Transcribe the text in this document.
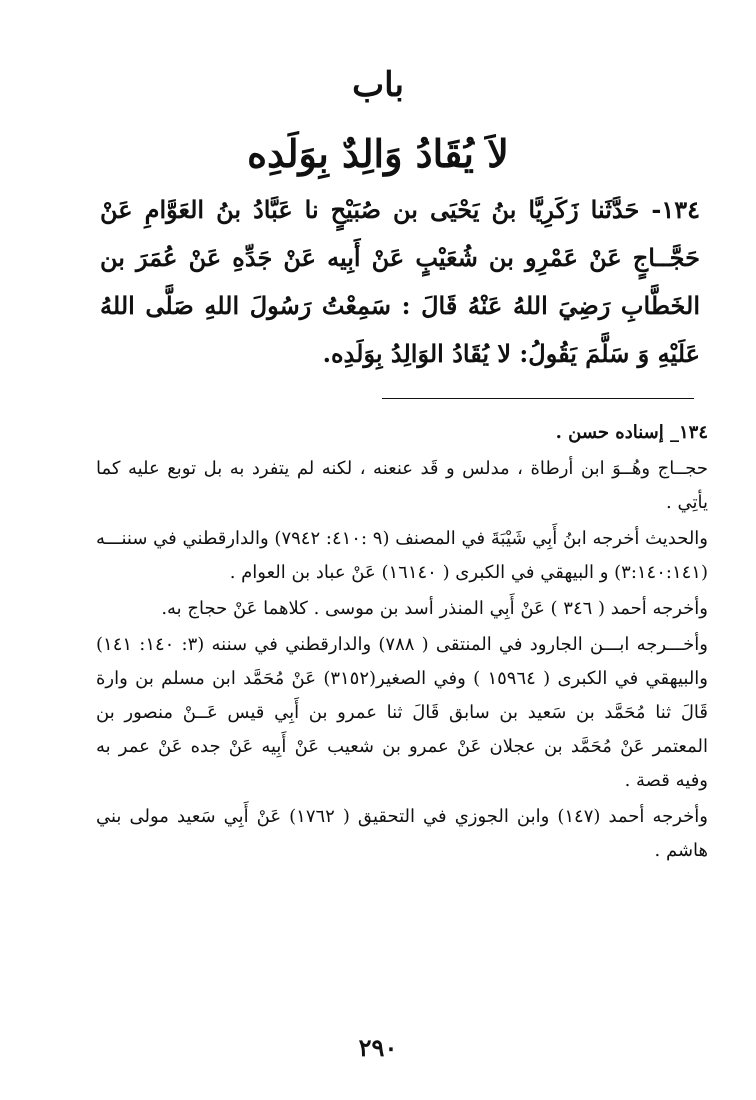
باب
لاَ يُقَادُ وَالِدٌ بِوَلَدِه

١٣٤- حَدَّثَنا زَكَرِيَّا بنُ يَحْيَى بن صُبَيْحٍ نا عَبَّادُ بنُ العَوَّامِ عَنْ حَجَّــاجٍ عَنْ عَمْرِو بن شُعَيْبٍ عَنْ أَبِيه عَنْ جَدِّهِ عَنْ عُمَرَ بن الخَطَّابِ رَضِيَ اللهُ عَنْهُ قَالَ : سَمِعْتُ رَسُولَ اللهِ صَلَّى اللهُ عَلَيْهِ وَ سَلَّمَ يَقُولُ: لا يُقَادُ الوَالِدُ بِوَلَدِه.

١٣٤_ إسناده حسن .

حجــاج وهُــوَ ابن أرطاة ، مدلس و قَد عنعنه ، لكنه لم يتفرد به بل توبع عليه كما يأتِي .

والحديث أخرجه ابنُ أَبِي شَيْبَةَ في المصنف (٩ :٤١٠: ٧٩٤٢) والدارقطني في سننـــه (٣:١٤٠:١٤١) و البيهقي في الكبرى ( ١٦١٤٠) عَنْ عباد بن العوام .

وأخرجه أحمد ( ٣٤٦ ) عَنْ أَبِي المنذر أسد بن موسى . كلاهما عَنْ حجاج به.

وأخـــرجه ابـــن الجارود في المنتقى ( ٧٨٨) والدارقطني في سننه (٣: ١٤٠: ١٤١) والبيهقي في الكبرى ( ١٥٩٦٤ ) وفي الصغير(٣١٥٢) عَنْ مُحَمَّد ابن مسلم بن وارة قَالَ ثنا مُحَمَّد بن سَعيد بن سابق قَالَ ثنا عمرو بن أَبِي قيس عَــنْ منصور بن المعتمر عَنْ مُحَمَّد بن عجلان عَنْ عمرو بن شعيب عَنْ أَبِيه عَنْ جده عَنْ عمر به وفيه قصة .

وأخرجه أحمد (١٤٧) وابن الجوزي في التحقيق ( ١٧٦٢) عَنْ أَبِي سَعيد مولى بني هاشم .

٢٩٠
